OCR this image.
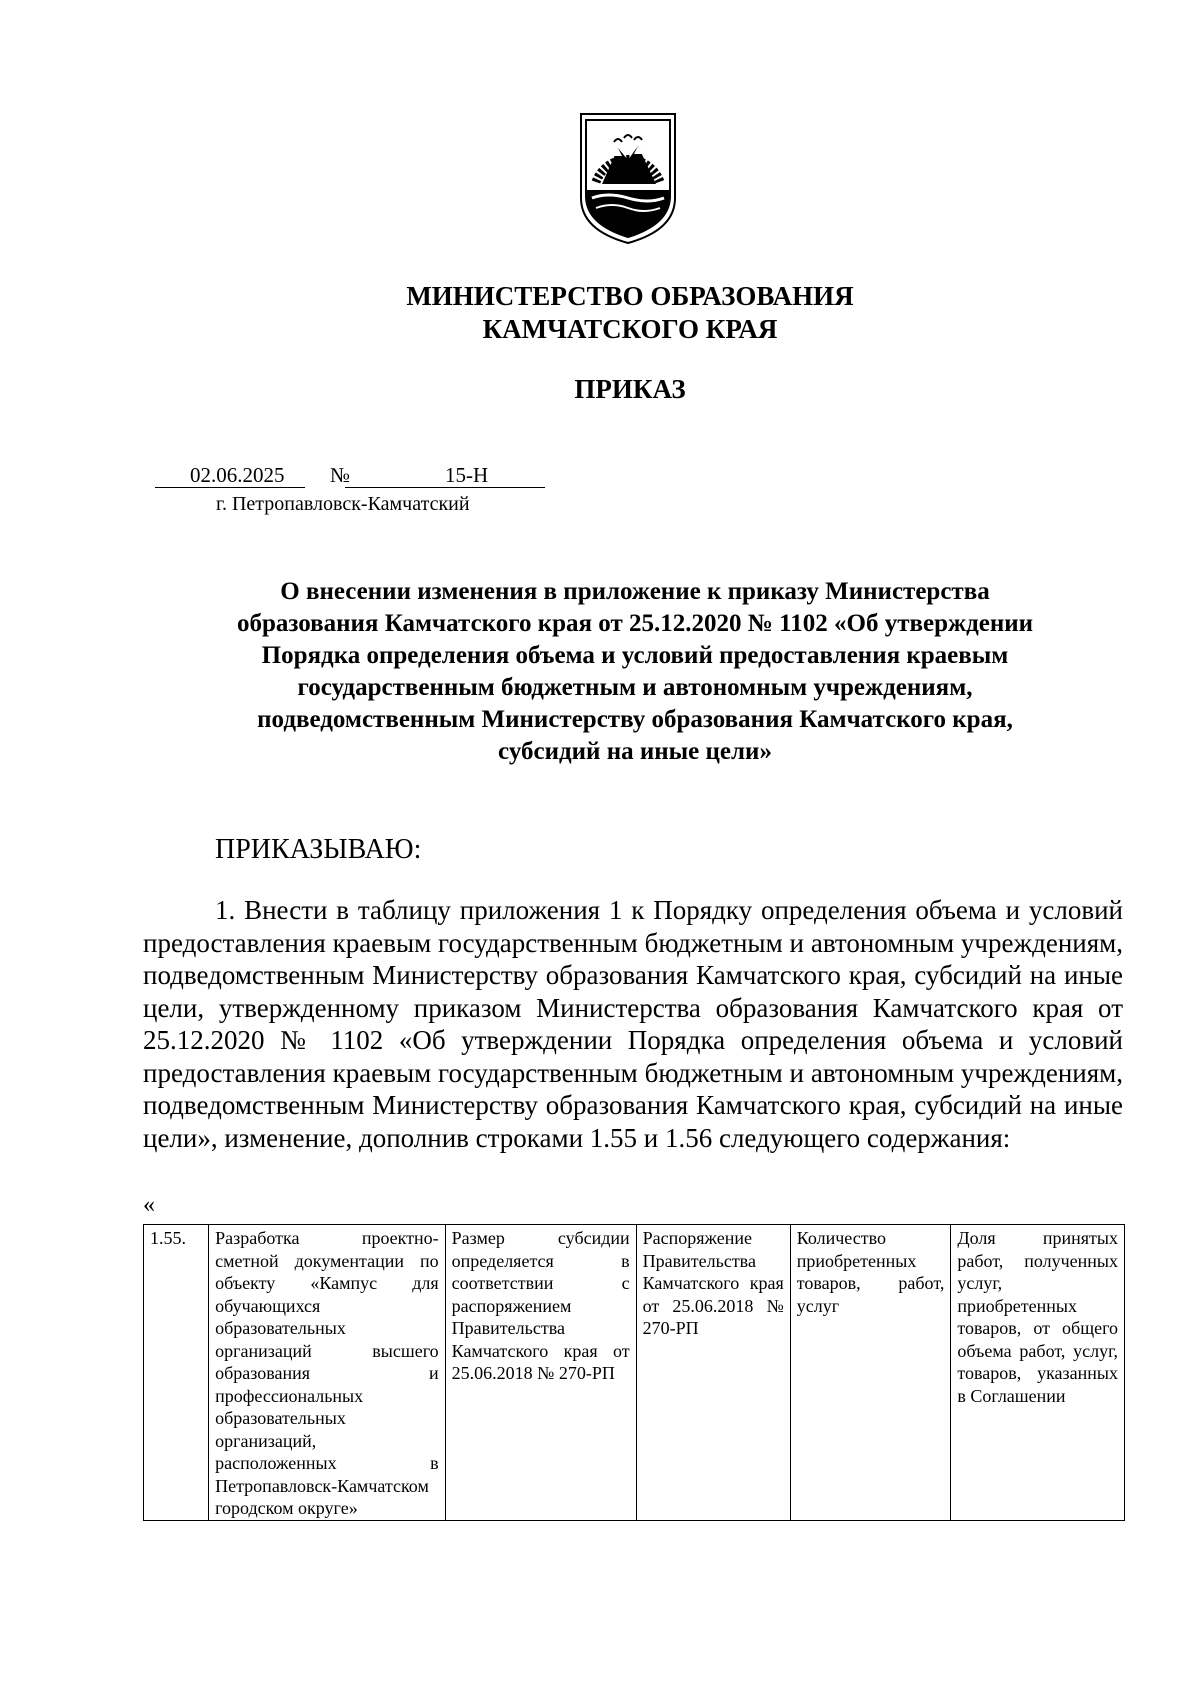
МИНИСТЕРСТВО ОБРАЗОВАНИЯ
КАМЧАТСКОГО КРАЯ
ПРИКАЗ
02.06.2025 №	15-Н
г. Петропавловск-Камчатский
О внесении изменения в приложение к приказу Министерства
образования Камчатского края от 25.12.2020 № 1102 «Об утверждении
Порядка определения объема и условий предоставления краевым
государственным бюджетным и автономным учреждениям,
подведомственным Министерству образования Камчатского края,
субсидий на иные цели»
ПРИКАЗЫВАЮ:
1. Внести в таблицу приложения 1 к Порядку определения объема и условий предоставления краевым государственным бюджетным и автономным учреждениям, подведомственным Министерству образования Камчатского края, субсидий на иные цели, утвержденному приказом Министерства образования Камчатского края от 25.12.2020 № 1102 «Об утверждении Порядка определения объема и условий предоставления краевым государственным бюджетным и автономным учреждениям, подведомственным Министерству образования Камчатского края, субсидий на иные цели», изменение, дополнив строками 1.55 и 1.56 следующего содержания:
«
1.55.	Разработка проектно-сметной документации по объекту «Кампус для обучающихся образовательных организаций высшего образования и профессиональных образовательных организаций, расположенных в Петропавловск-Камчатском городском округе»	Размер субсидии определяется в соответствии с распоряжением Правительства Камчатского края от 25.06.2018 № 270-РП	Распоряжение Правительства Камчатского края от 25.06.2018 № 270-РП	Количество приобретенных товаров, работ, услуг	Доля принятых работ, полученных услуг, приобретенных товаров, от общего объема работ, услуг, товаров, указанных в Соглашении
